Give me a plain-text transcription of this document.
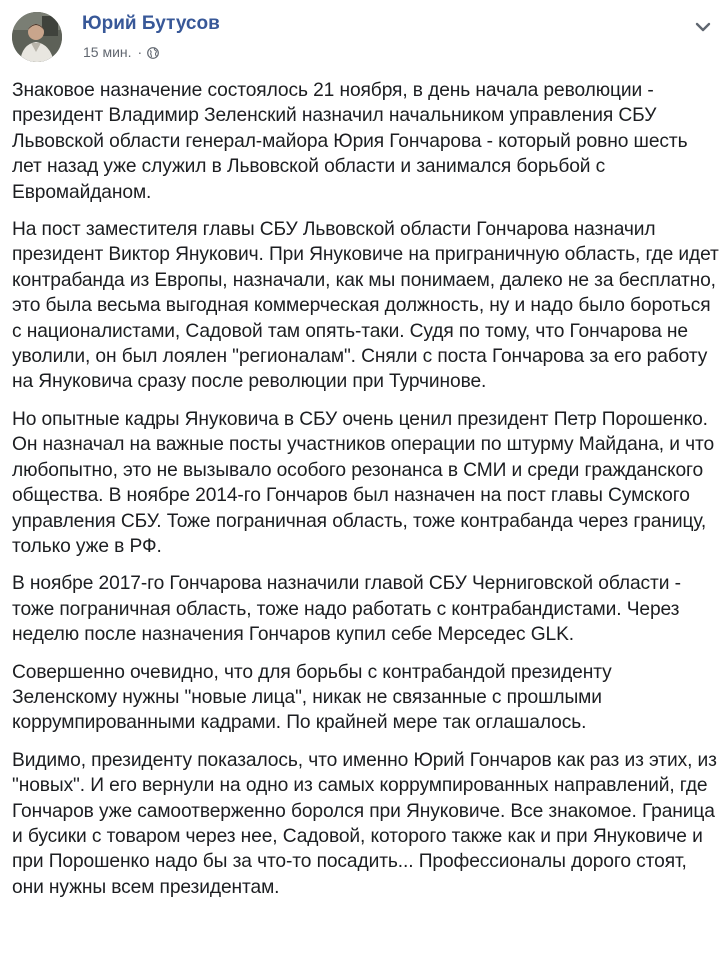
Юрий Бутусов
15 мин. ·

Знаковое назначение состоялось 21 ноября, в день начала революции - президент Владимир Зеленский назначил начальником управления СБУ Львовской области генерал-майора Юрия Гончарова - который ровно шесть лет назад уже служил в Львовской области и занимался борьбой с Евромайданом.

На пост заместителя главы СБУ Львовской области Гончарова назначил президент Виктор Янукович. При Януковиче на приграничную область, где идет контрабанда из Европы, назначали, как мы понимаем, далеко не за бесплатно, это была весьма выгодная коммерческая должность, ну и надо было бороться с националистами, Садовой там опять-таки. Судя по тому, что Гончарова не уволили, он был лоялен "регионалам". Сняли с поста Гончарова за его работу на Януковича сразу после революции при Турчинове.

Но опытные кадры Януковича в СБУ очень ценил президент Петр Порошенко. Он назначал на важные посты участников операции по штурму Майдана, и что любопытно, это не вызывало особого резонанса в СМИ и среди гражданского общества. В ноябре 2014-го Гончаров был назначен на пост главы Сумского управления СБУ. Тоже пограничная область, тоже контрабанда через границу, только уже в РФ.

В ноябре 2017-го Гончарова назначили главой СБУ Черниговской области - тоже пограничная область, тоже надо работать с контрабандистами. Через неделю после назначения Гончаров купил себе Мерседес GLK.

Совершенно очевидно, что для борьбы с контрабандой президенту Зеленскому нужны "новые лица", никак не связанные с прошлыми коррумпированными кадрами. По крайней мере так оглашалось.

Видимо, президенту показалось, что именно Юрий Гончаров как раз из этих, из "новых". И его вернули на одно из самых коррумпированных направлений, где Гончаров уже самоотверженно боролся при Януковиче. Все знакомое. Граница и бусики с товаром через нее, Садовой, которого также как и при Януковиче и при Порошенко надо бы за что-то посадить... Профессионалы дорого стоят, они нужны всем президентам.
